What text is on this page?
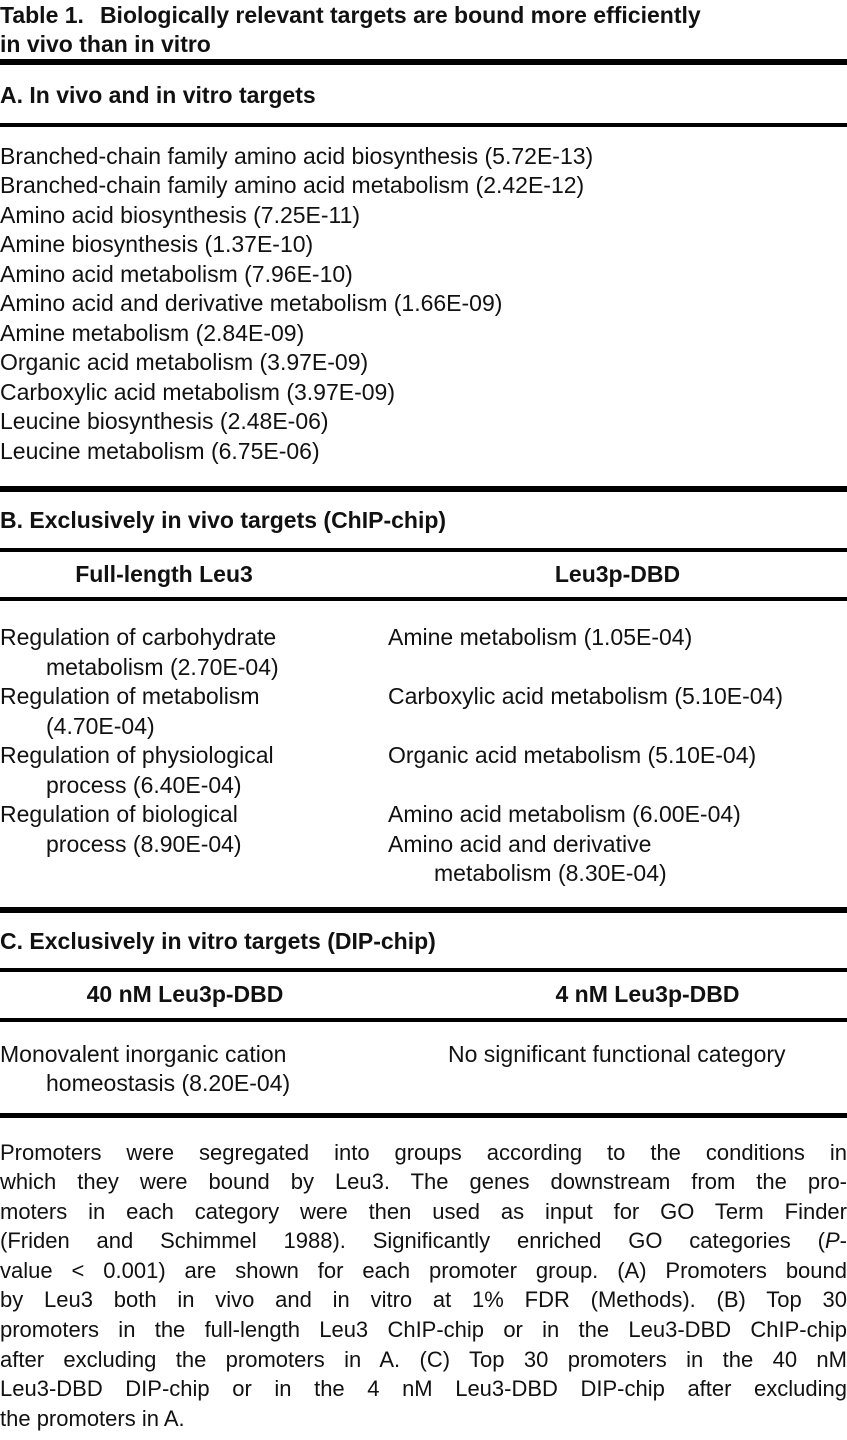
Table 1. Biologically relevant targets are bound more efficiently
in vivo than in vitro
A. In vivo and in vitro targets
Branched-chain family amino acid biosynthesis (5.72E-13)
Branched-chain family amino acid metabolism (2.42E-12)
Amino acid biosynthesis (7.25E-11)
Amine biosynthesis (1.37E-10)
Amino acid metabolism (7.96E-10)
Amino acid and derivative metabolism (1.66E-09)
Amine metabolism (2.84E-09)
Organic acid metabolism (3.97E-09)
Carboxylic acid metabolism (3.97E-09)
Leucine biosynthesis (2.48E-06)
Leucine metabolism (6.75E-06)
B. Exclusively in vivo targets (ChIP-chip)
Full-length Leu3	Leu3p-DBD
Regulation of carbohydrate
metabolism (2.70E-04)
Amine metabolism (1.05E-04)
Regulation of metabolism
(4.70E-04)
Carboxylic acid metabolism (5.10E-04)
Regulation of physiological
process (6.40E-04)
Organic acid metabolism (5.10E-04)
Regulation of biological
process (8.90E-04)
Amino acid metabolism (6.00E-04)
Amino acid and derivative
metabolism (8.30E-04)
C. Exclusively in vitro targets (DIP-chip)
40 nM Leu3p-DBD	4 nM Leu3p-DBD
Monovalent inorganic cation
homeostasis (8.20E-04)
No significant functional category
Promoters were segregated into groups according to the conditions in
which they were bound by Leu3. The genes downstream from the pro-
moters in each category were then used as input for GO Term Finder
(Friden and Schimmel 1988). Significantly enriched GO categories (P-
value < 0.001) are shown for each promoter group. (A) Promoters bound
by Leu3 both in vivo and in vitro at 1% FDR (Methods). (B) Top 30
promoters in the full-length Leu3 ChIP-chip or in the Leu3-DBD ChIP-chip
after excluding the promoters in A. (C) Top 30 promoters in the 40 nM
Leu3-DBD DIP-chip or in the 4 nM Leu3-DBD DIP-chip after excluding
the promoters in A.
